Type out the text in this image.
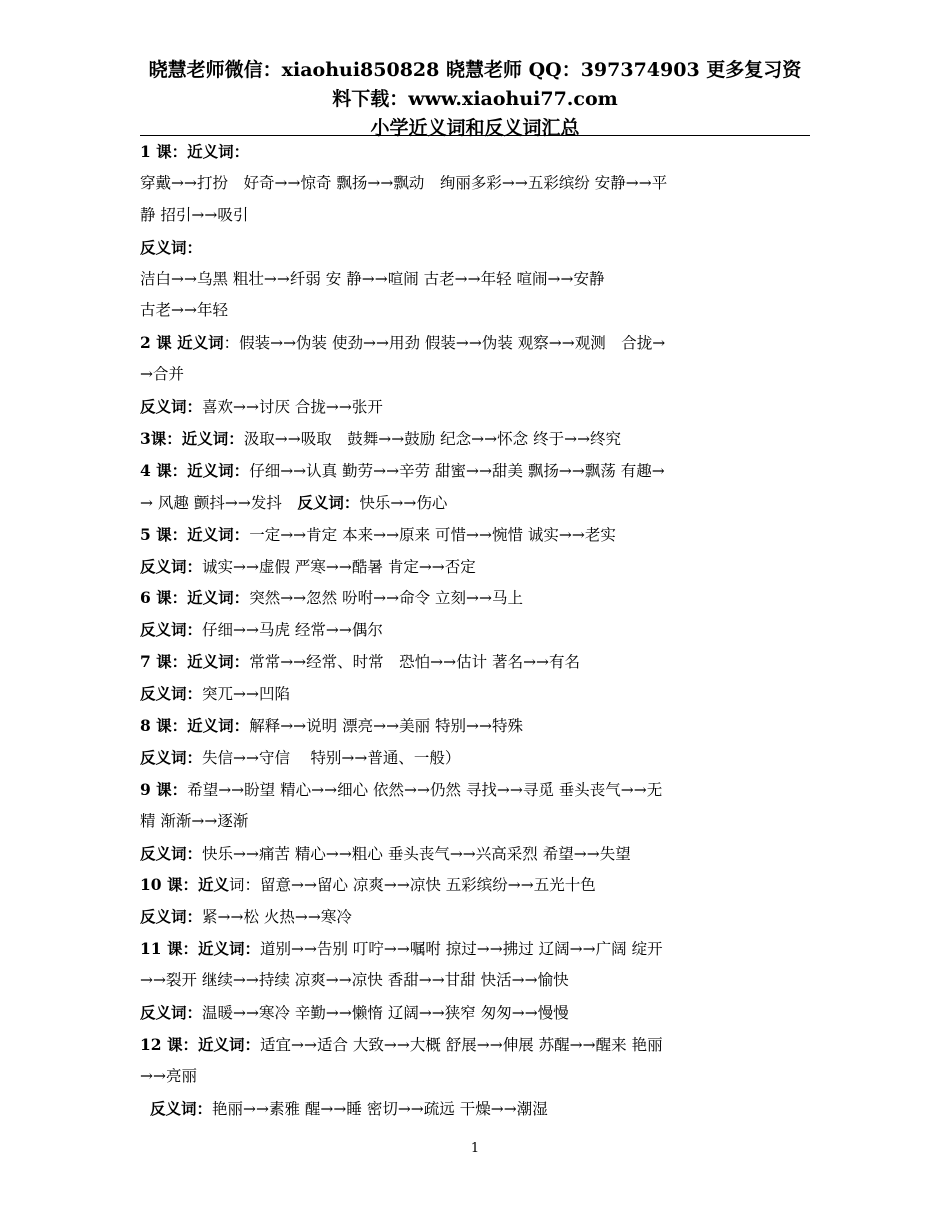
晓慧老师微信：xiaohui850828 晓慧老师 QQ：397374903 更多复习资
料下载：www.xiaohui77.com
小学近义词和反义词汇总
1 课：近义词：
穿戴→→打扮　好奇→→惊奇 飘扬→→飘动　绚丽多彩→→五彩缤纷 安静→→平
静 招引→→吸引
反义词：
洁白→→乌黑 粗壮→→纤弱 安 静→→喧闹 古老→→年轻 喧闹→→安静
古老→→年轻
2 课 近义词：假装→→伪装 使劲→→用劲 假装→→伪装 观察→→观测　合拢→
→合并
反义词：喜欢→→讨厌 合拢→→张开
3课：近义词：汲取→→吸取　鼓舞→→鼓励 纪念→→怀念 终于→→终究
4 课：近义词：仔细→→认真 勤劳→→辛劳 甜蜜→→甜美 飘扬→→飘荡 有趣→
→ 风趣 颤抖→→发抖　反义词：快乐→→伤心
5 课：近义词：一定→→肯定 本来→→原来 可惜→→惋惜 诚实→→老实
反义词：诚实→→虚假 严寒→→酷暑 肯定→→否定
6 课：近义词：突然→→忽然 吩咐→→命令 立刻→→马上
反义词：仔细→→马虎 经常→→偶尔
7 课：近义词：常常→→经常、时常　恐怕→→估计 著名→→有名
反义词：突兀→→凹陷
8 课：近义词：解释→→说明 漂亮→→美丽 特别→→特殊
反义词：失信→→守信　 特别→→普通、一般）
9 课：希望→→盼望 精心→→细心 依然→→仍然 寻找→→寻觅 垂头丧气→→无
精 渐渐→→逐渐
反义词：快乐→→痛苦 精心→→粗心 垂头丧气→→兴高采烈 希望→→失望
10 课：近义词：留意→→留心 凉爽→→凉快 五彩缤纷→→五光十色
反义词：紧→→松 火热→→寒冷
11 课：近义词：道别→→告别 叮咛→→嘱咐 掠过→→拂过 辽阔→→广阔 绽开
→→裂开 继续→→持续 凉爽→→凉快 香甜→→甘甜 快活→→愉快
反义词：温暖→→寒冷 辛勤→→懒惰 辽阔→→狭窄 匆匆→→慢慢
12 课：近义词：适宜→→适合 大致→→大概 舒展→→伸展 苏醒→→醒来 艳丽
→→亮丽
反义词：艳丽→→素雅 醒→→睡 密切→→疏远 干燥→→潮湿
1
